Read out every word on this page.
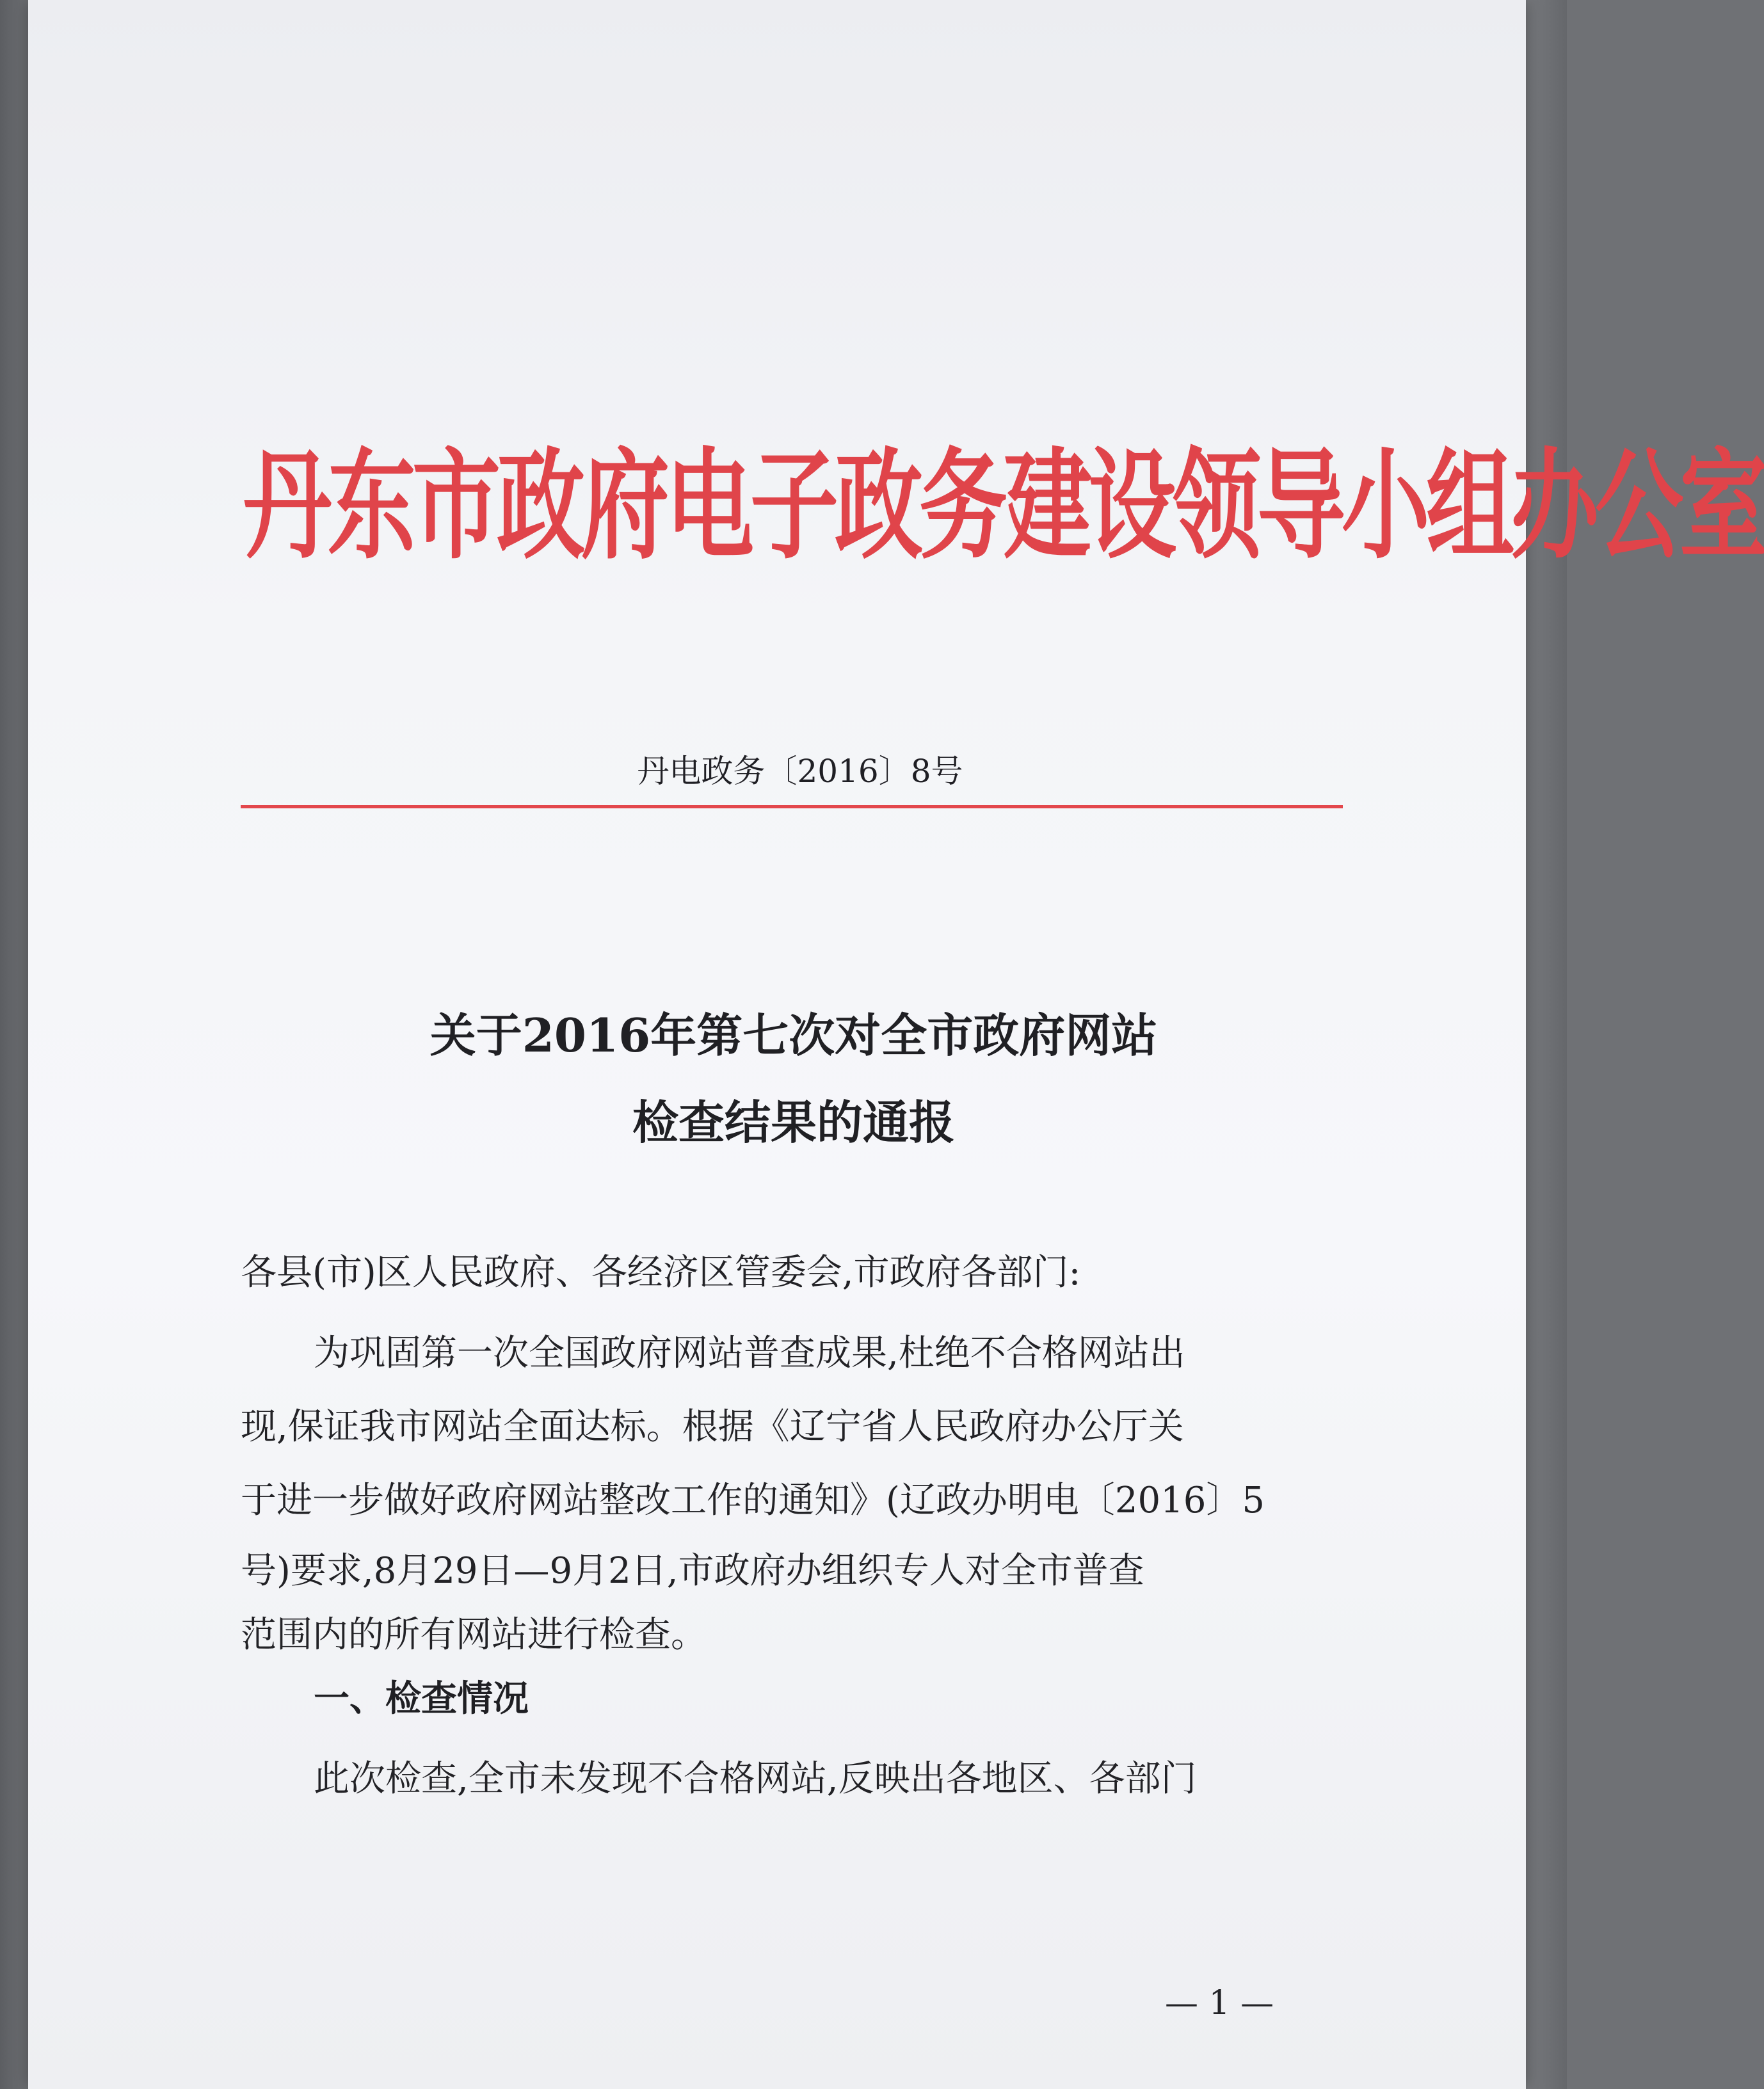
丹东市政府电子政务建设领导小组办公室
丹电政务〔2016〕8号
关于2016年第七次对全市政府网站
检查结果的通报
各县(市)区人民政府、各经济区管委会,市政府各部门:
为巩固第一次全国政府网站普查成果,杜绝不合格网站出
现,保证我市网站全面达标。根据《辽宁省人民政府办公厅关
于进一步做好政府网站整改工作的通知》(辽政办明电〔2016〕5
号)要求,8月29日—9月2日,市政府办组织专人对全市普查
范围内的所有网站进行检查。
一、检查情况
此次检查,全市未发现不合格网站,反映出各地区、各部门
— 1 —
